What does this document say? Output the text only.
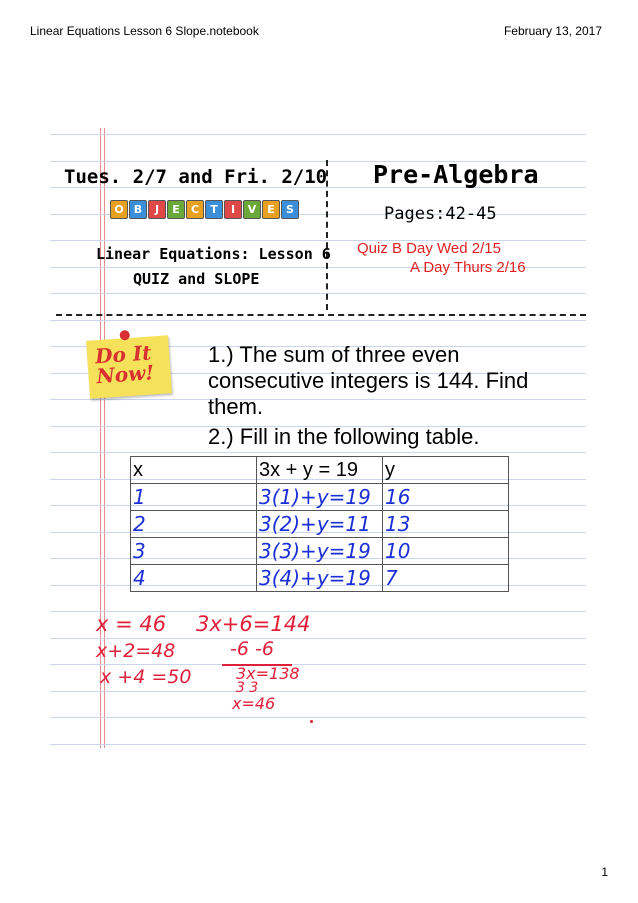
Linear Equations Lesson 6 Slope.notebook	February 13, 2017
Tues. 2/7 and Fri. 2/10 Pre-Algebra
Pages:42-45
Linear Equations: Lesson 6
QUIZ and SLOPE
Quiz B Day Wed 2/15
A Day Thurs 2/16
O B	J	E	C	T	I	V E	S
Do It
Now!
1.) The sum of three even
consecutive integers is 144. Find
them.
2.) Fill in the following table.
x	3x + y = 19	y
1	3(1)+y=19	16
2	3(2)+y=11	13
3	3(3)+y=19	10
4	3(4)+y=19	7
x = 46
x+2=48
x +4 =50
3x+6=144
-6 -6
3x=138
3 3
x=46
1
